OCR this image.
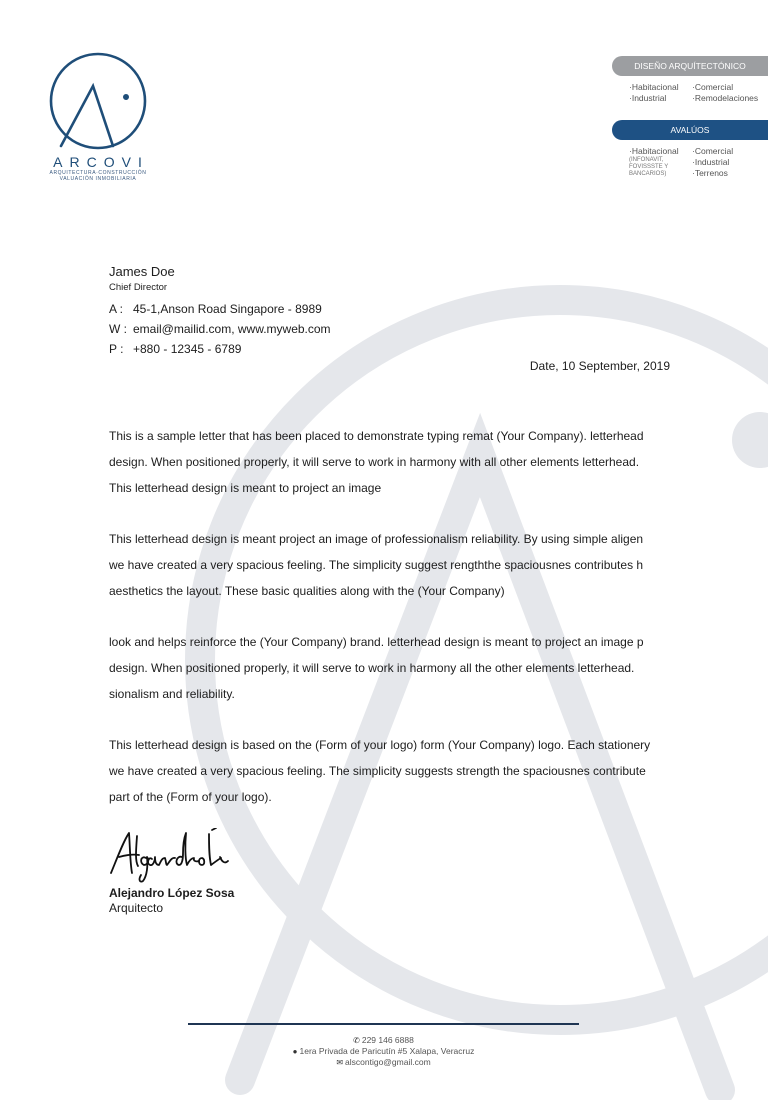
ARCOVI
ARQUITECTURA·CONSTRUCCIÓN
VALUACIÓN INMOBILIARIA
DISEÑO ARQUÍTECTÓNICO
·Habitacional
·Industrial
·Comercial
·Remodelaciones
AVALÚOS
·Habitacional
(INFONAVIT,
FOVISSSTE Y
BANCARIOS)
·Comercial
·Industrial
·Terrenos
James Doe
Chief Director
A : 45-1,Anson Road Singapore - 8989
W : email@mailid.com, www.myweb.com
P : +880 - 12345 - 6789
Date, 10 September, 2019

This is a sample letter that has been placed to demonstrate typing remat (Your Company). letterhead
design. When positioned properly, it will serve to work in harmony with all other elements letterhead.
This letterhead design is meant to project an image

This letterhead design is meant project an image of professionalism reliability. By using simple aligen
we have created a very spacious feeling. The simplicity suggest rengththe spaciousnes contributes h
aesthetics the layout. These basic qualities along with the (Your Company)

look and helps reinforce the (Your Company) brand. letterhead design is meant to project an image p
design. When positioned properly, it will serve to work in harmony all the other elements letterhead.
sionalism and reliability.

This letterhead design is based on the (Form of your logo) form (Your Company) logo. Each stationery
we have created a very spacious feeling. The simplicity suggests strength the spaciousnes contribute
part of the (Form of your logo).

Alejandro López Sosa
Arquitecto
✆ 229 146 6888
● 1era Privada de Paricutín #5 Xalapa, Veracruz
✉ alscontigo@gmail.com
